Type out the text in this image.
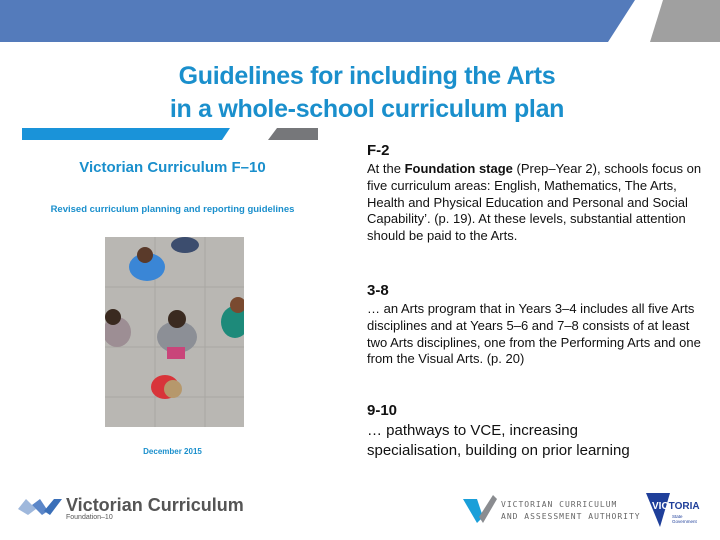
Guidelines for including the Arts
in a whole-school curriculum plan
Victorian Curriculum F–10
Revised curriculum planning and reporting guidelines
December 2015
F-2

At the Foundation stage (Prep–Year 2), schools focus on five curriculum areas: English, Mathematics, The Arts, Health and Physical Education and Personal and Social Capability’. (p. 19). At these levels, substantial attention should be paid to the Arts.

3-8

… an Arts program that in Years 3–4 includes all five Arts disciplines and at Years 5–6 and 7–8 consists of at least two Arts disciplines, one from the Performing Arts and one from the Visual Arts. (p. 20)

9-10

… pathways to VCE, increasing specialisation, building on prior learning

Victorian Curriculum
Foundation–10
VICTORIAN CURRICULUM
AND ASSESSMENT AUTHORITY
VICTORIA
State
Government
